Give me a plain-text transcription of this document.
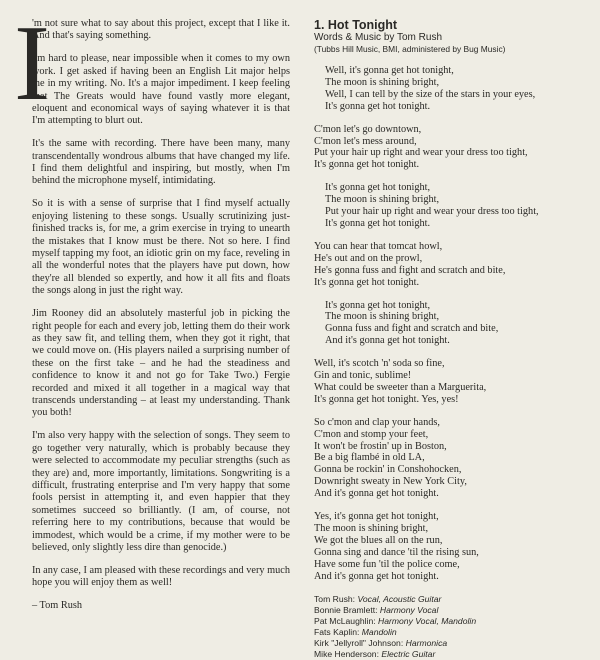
I

'm not sure what to say about this project, except that I like it. And that's saying something.

I'm hard to please, near impossible when it comes to my own work. I get asked if having been an English Lit major helps me in my writing. No. It's a major impediment. I keep feeling that The Greats would have found vastly more elegant, eloquent and economical ways of saying whatever it is that I'm attempting to blurt out.

It's the same with recording. There have been many, many transcendentally wondrous albums that have changed my life. I find them delightful and inspiring, but mostly, when I'm behind the microphone myself, intimidating.

So it is with a sense of surprise that I find myself actually enjoying listening to these songs. Usually scrutinizing just-finished tracks is, for me, a grim exercise in trying to unearth the mistakes that I know must be there. Not so here. I find myself tapping my foot, an idiotic grin on my face, reveling in all the wonderful notes that the players have put down, how they're all blended so expertly, and how it all fits and floats the songs along in just the right way.

Jim Rooney did an absolutely masterful job in picking the right people for each and every job, letting them do their work as they saw fit, and telling them, when they got it right, that we could move on. (His players nailed a surprising number of these on the first take – and he had the steadiness and confidence to know it and not go for Take Two.) Fergie recorded and mixed it all together in a magical way that transcends understanding – at least my understanding. Thank you both!

I'm also very happy with the selection of songs. They seem to go together very naturally, which is probably because they were selected to accommodate my peculiar strengths (such as they are) and, more importantly, limitations. Songwriting is a difficult, frustrating enterprise and I'm very happy that some fools persist in attempting it, and even happier that they sometimes succeed so brilliantly. (I am, of course, not referring here to my contributions, because that would be immodest, which would be a crime, if my mother were to be believed, only slightly less dire than genocide.)

In any case, I am pleased with these recordings and very much hope you will enjoy them as well!

– Tom Rush
1. Hot Tonight
Words & Music by Tom Rush
(Tubbs Hill Music, BMI, administered by Bug Music)
Well, it's gonna get hot tonight,
The moon is shining bright,
Well, I can tell by the size of the stars in your eyes,
It's gonna get hot tonight.
C'mon let's go downtown,
C'mon let's mess around,
Put your hair up right and wear your dress too tight,
It's gonna get hot tonight.
It's gonna get hot tonight,
The moon is shining bright,
Put your hair up right and wear your dress too tight,
It's gonna get hot tonight.
You can hear that tomcat howl,
He's out and on the prowl,
He's gonna fuss and fight and scratch and bite,
It's gonna get hot tonight.
It's gonna get hot tonight,
The moon is shining bright,
Gonna fuss and fight and scratch and bite,
And it's gonna get hot tonight.
Well, it's scotch 'n' soda so fine,
Gin and tonic, sublime!
What could be sweeter than a Marguerita,
It's gonna get hot tonight. Yes, yes!
So c'mon and clap your hands,
C'mon and stomp your feet,
It won't be frostin' up in Boston,
Be a big flambé in old LA,
Gonna be rockin' in Conshohocken,
Downright sweaty in New York City,
And it's gonna get hot tonight.
Yes, it's gonna get hot tonight,
The moon is shining bright,
We got the blues all on the run,
Gonna sing and dance 'til the rising sun,
Have some fun 'til the police come,
And it's gonna get hot tonight.
Tom Rush: Vocal, Acoustic Guitar
Bonnie Bramlett: Harmony Vocal
Pat McLaughlin: Harmony Vocal, Mandolin
Fats Kaplin: Mandolin
Kirk "Jellyroll" Johnson: Harmonica
Mike Henderson: Electric Guitar
